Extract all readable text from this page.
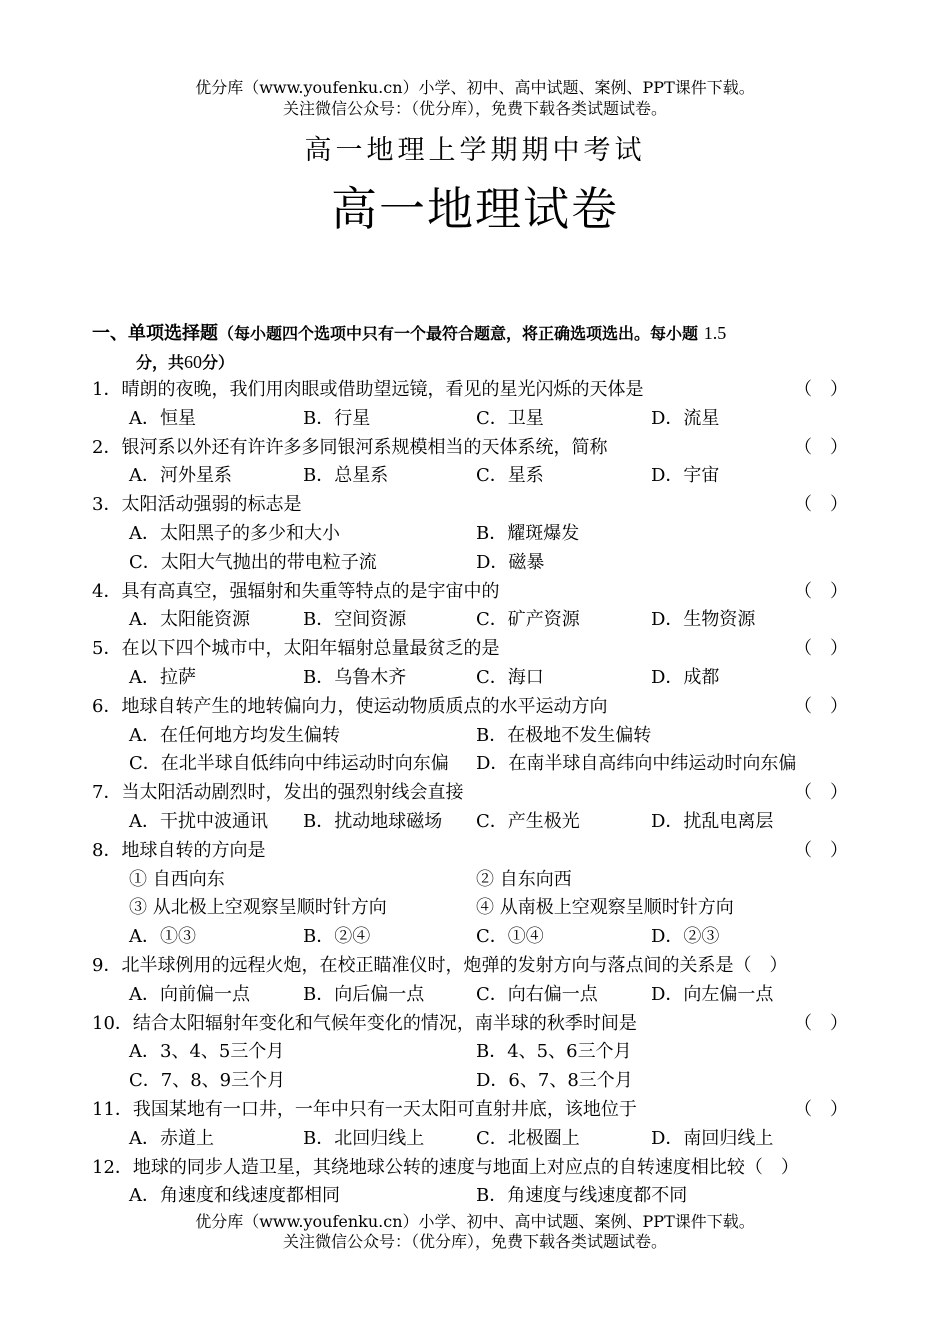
优分库（www.youfenku.cn）小学、初中、高中试题、案例、PPT课件下载。
关注微信公众号：（优分库），免费下载各类试题试卷。
高一地理上学期期中考试
高一地理试卷
一、单项选择题（每小题四个选项中只有一个最符合题意，将正确选项选出。每小题 1.5
分，共60分）
1．晴朗的夜晚，我们用肉眼或借助望远镜，看见的星光闪烁的天体是	（　）
A．恒星	B．行星	C．卫星	D．流星
2．银河系以外还有许许多多同银河系规模相当的天体系统，简称	（　）
A．河外星系	B．总星系	C．星系	D．宇宙
3．太阳活动强弱的标志是	（　）
A．太阳黑子的多少和大小	B．耀斑爆发
C．太阳大气抛出的带电粒子流	D．磁暴
4．具有高真空，强辐射和失重等特点的是宇宙中的	（　）
A．太阳能资源	B．空间资源	C．矿产资源	D．生物资源
5．在以下四个城市中，太阳年辐射总量最贫乏的是	（　）
A．拉萨	B．乌鲁木齐	C．海口	D．成都
6．地球自转产生的地转偏向力，使运动物质质点的水平运动方向	（　）
A．在任何地方均发生偏转	B．在极地不发生偏转
C．在北半球自低纬向中纬运动时向东偏 D．在南半球自高纬向中纬运动时向东偏
7．当太阳活动剧烈时，发出的强烈射线会直接	（　）
A．干扰中波通讯 B．扰动地球磁场 C．产生极光	D．扰乱电离层
8．地球自转的方向是	（　）
① 自西向东	② 自东向西
③ 从北极上空观察呈顺时针方向	④ 从南极上空观察呈顺时针方向
A．①③	B．②④	C．①④	D．②③
9．北半球例用的远程火炮，在校正瞄准仪时，炮弹的发射方向与落点间的关系是（　）
A．向前偏一点	B．向后偏一点	C．向右偏一点	D．向左偏一点
10．结合太阳辐射年变化和气候年变化的情况，南半球的秋季时间是	（　）
A．3、4、5三个月	B．4、5、6三个月
C．7、8、9三个月	D．6、7、8三个月
11．我国某地有一口井，一年中只有一天太阳可直射井底，该地位于	（　）
A．赤道上	B．北回归线上	C．北极圈上	D．南回归线上
12．地球的同步人造卫星，其绕地球公转的速度与地面上对应点的自转速度相比较（　）
A．角速度和线速度都相同	B．角速度与线速度都不同
优分库（www.youfenku.cn）小学、初中、高中试题、案例、PPT课件下载。
关注微信公众号：（优分库），免费下载各类试题试卷。
